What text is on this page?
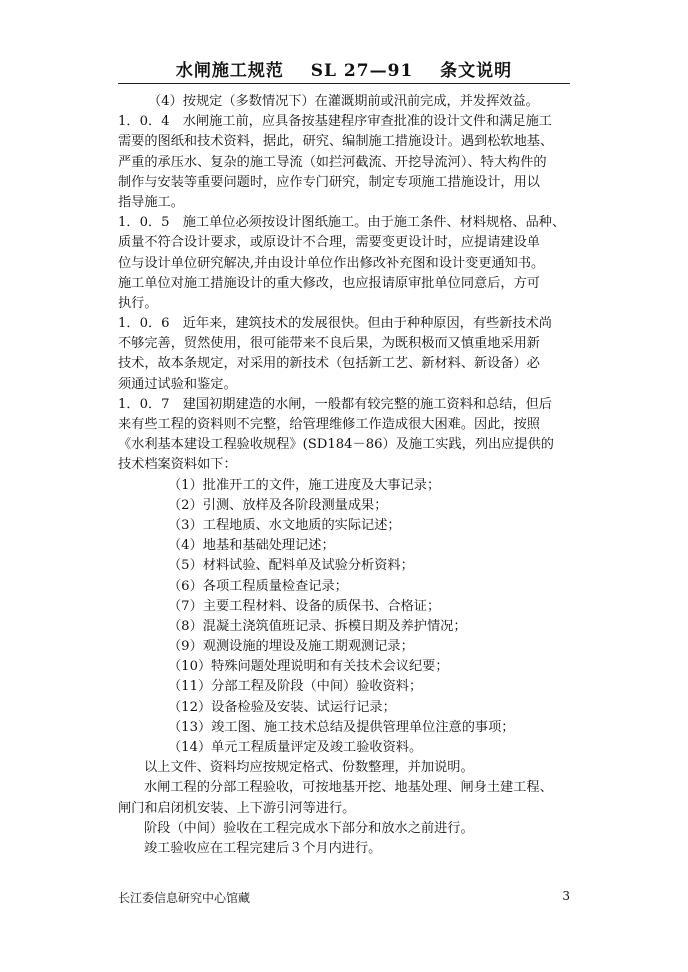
水闸施工规范 SL 27—91 条文说明
（4）按规定（多数情况下）在灌溉期前或汛前完成，并发挥效益。
1．0．4　水闸施工前，应具备按基建程序审查批准的设计文件和满足施工
需要的图纸和技术资料，据此，研究、编制施工措施设计。遇到松软地基、
严重的承压水、复杂的施工导流（如拦河截流、开挖导流河）、特大构件的
制作与安装等重要问题时，应作专门研究，制定专项施工措施设计，用以
指导施工。
1．0．5　施工单位必须按设计图纸施工。由于施工条件、材料规格、品种、
质量不符合设计要求，或原设计不合理，需要变更设计时，应提请建设单
位与设计单位研究解决,并由设计单位作出修改补充图和设计变更通知书。
施工单位对施工措施设计的重大修改，也应报请原审批单位同意后，方可
执行。
1．0．6　近年来，建筑技术的发展很快。但由于种种原因，有些新技术尚
不够完善，贸然使用，很可能带来不良后果，为既积极而又慎重地采用新
技术，故本条规定，对采用的新技术（包括新工艺、新材料、新设备）必
须通过试验和鉴定。
1．0．7　建国初期建造的水闸，一般都有较完整的施工资料和总结，但后
来有些工程的资料则不完整，给管理维修工作造成很大困难。因此，按照
《水利基本建设工程验收规程》(SD184－86）及施工实践，列出应提供的
技术档案资料如下：
（1）批准开工的文件，施工进度及大事记录；
（2）引测、放样及各阶段测量成果；
（3）工程地质、水文地质的实际记述；
（4）地基和基础处理记述；
（5）材料试验、配料单及试验分析资料；
（6）各项工程质量检查记录；
（7）主要工程材料、设备的质保书、合格证；
（8）混凝土浇筑值班记录、拆模日期及养护情况；
（9）观测设施的埋设及施工期观测记录；
（10）特殊问题处理说明和有关技术会议纪要；
（11）分部工程及阶段（中间）验收资料；
（12）设备检验及安装、试运行记录；
（13）竣工图、施工技术总结及提供管理单位注意的事项；
（14）单元工程质量评定及竣工验收资料。
以上文件、资料均应按规定格式、份数整理，并加说明。
水闸工程的分部工程验收，可按地基开挖、地基处理、闸身土建工程、
闸门和启闭机安装、上下游引河等进行。
阶段（中间）验收在工程完成水下部分和放水之前进行。
竣工验收应在工程完建后３个月内进行。
长江委信息研究中心馆藏	3
